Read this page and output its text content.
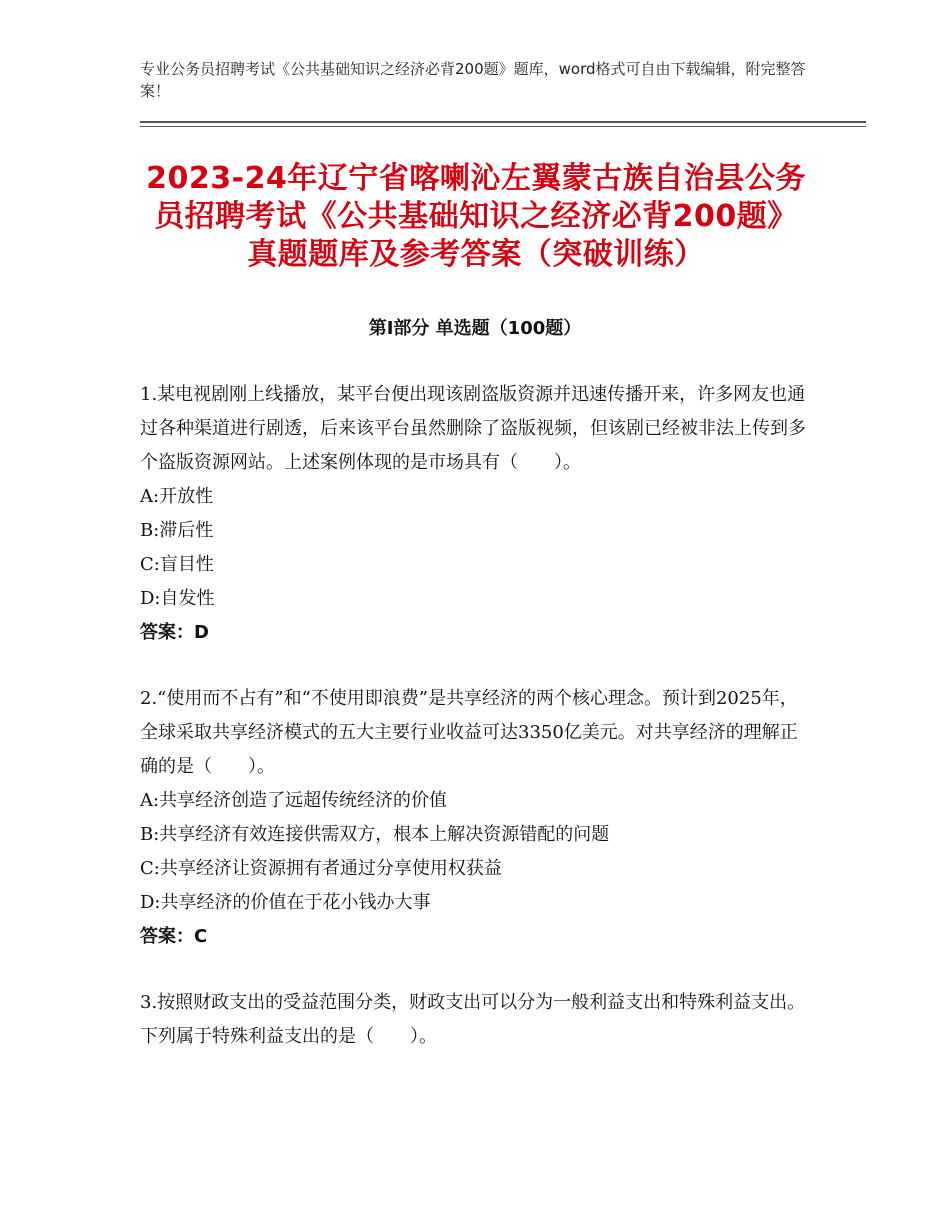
专业公务员招聘考试《公共基础知识之经济必背200题》题库，word格式可自由下载编辑，附完整答案！
2023-24年辽宁省喀喇沁左翼蒙古族自治县公务员招聘考试《公共基础知识之经济必背200题》真题题库及参考答案（突破训练）
第Ⅰ部分 单选题（100题）

1.某电视剧刚上线播放，某平台便出现该剧盗版资源并迅速传播开来，许多网友也通过各种渠道进行剧透，后来该平台虽然删除了盗版视频，但该剧已经被非法上传到多个盗版资源网站。上述案例体现的是市场具有（　　）。

A:开放性

B:滞后性

C:盲目性

D:自发性

答案：D

2.“使用而不占有”和“不使用即浪费”是共享经济的两个核心理念。预计到2025年，全球采取共享经济模式的五大主要行业收益可达3350亿美元。对共享经济的理解正确的是（　　）。

A:共享经济创造了远超传统经济的价值

B:共享经济有效连接供需双方，根本上解决资源错配的问题

C:共享经济让资源拥有者通过分享使用权获益

D:共享经济的价值在于花小钱办大事

答案：C

3.按照财政支出的受益范围分类，财政支出可以分为一般利益支出和特殊利益支出。下列属于特殊利益支出的是（　　）。
